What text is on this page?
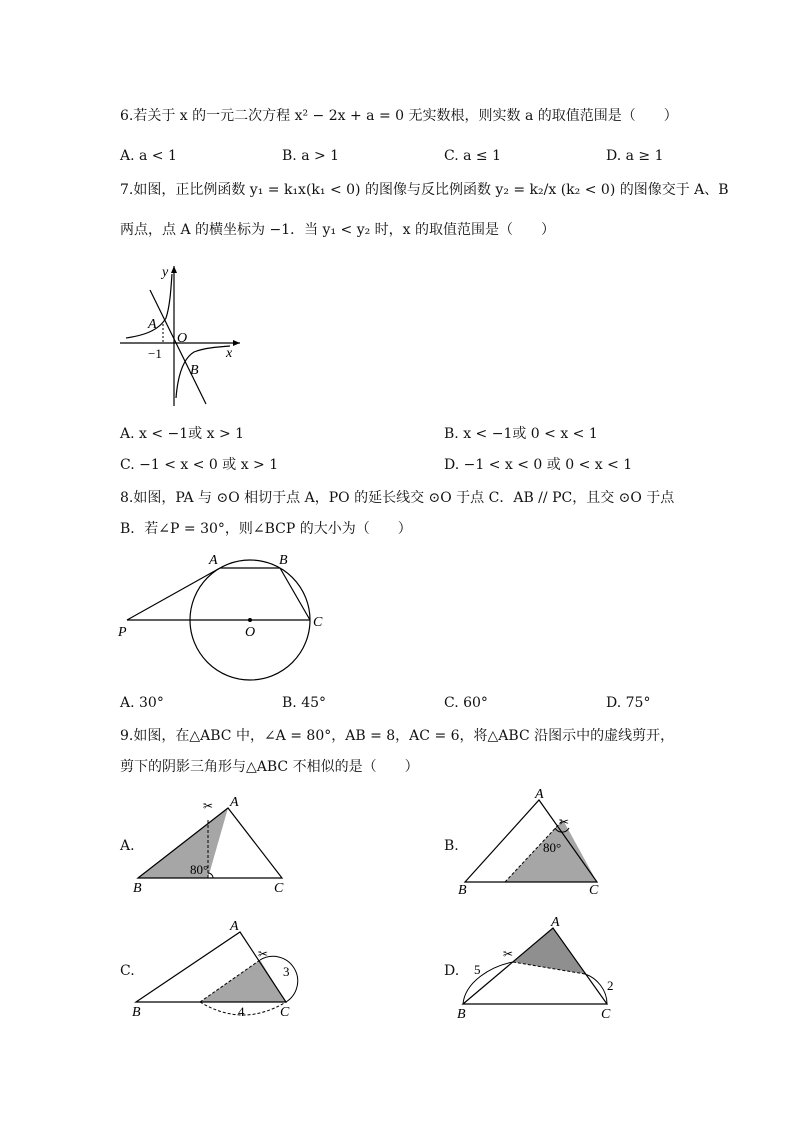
6.若关于 x 的一元二次方程 x² − 2x + a = 0 无实数根，则实数 a 的取值范围是（　　）
A. a < 1	B. a > 1	C. a ≤ 1	D. a ≥ 1
7.如图，正比例函数 y₁ = k₁x(k₁ < 0) 的图像与反比例函数 y₂ = k₂/x (k₂ < 0) 的图像交于 A、B
两点，点 A 的横坐标为 −1．当 y₁ < y₂ 时，x 的取值范围是（　　）
y
x
A
O
B
−1
A. x < −1或 x > 1	B. x < −1或 0 < x < 1
C. −1 < x < 0 或 x > 1	D. −1 < x < 0 或 0 < x < 1
8.如图，PA 与 ⊙O 相切于点 A，PO 的延长线交 ⊙O 于点 C．AB // PC，且交 ⊙O 于点
B．若∠P = 30°，则∠BCP 的大小为（　　）
A	B
P	O
C
A. 30°	B. 45°	C. 60°	D. 75°
9.如图，在△ABC 中，∠A = 80°，AB = 8，AC = 6，将△ABC 沿图示中的虚线剪开，
剪下的阴影三角形与△ABC 不相似的是（　　）
A.
✂ A
B	C
80°
B.
✂
A
B	C
80°
C.
✂
A
B	C
3
4
D.
✂
A
B	C
5
2
